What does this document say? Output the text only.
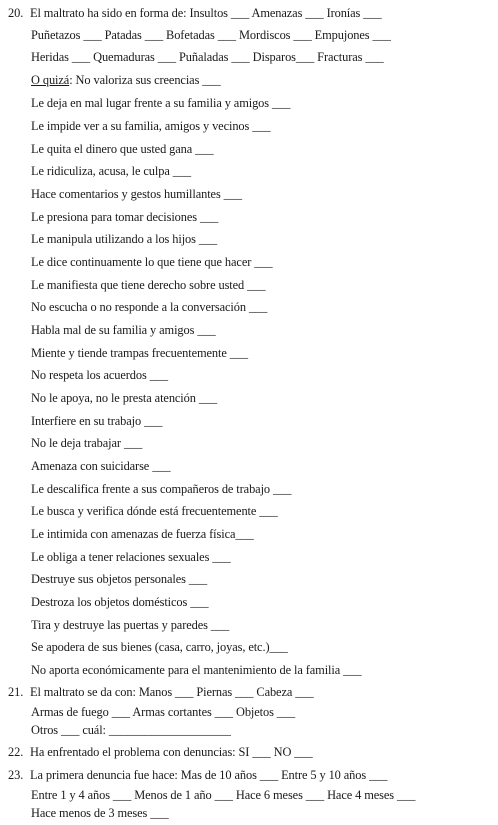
20. El maltrato ha sido en forma de: Insultos ___ Amenazas ___ Ironías ___
Puñetazos ___ Patadas ___ Bofetadas ___ Mordiscos ___ Empujones ___
Heridas ___ Quemaduras ___ Puñaladas ___ Disparos___ Fracturas ___
O quizá: No valoriza sus creencias ___
Le deja en mal lugar frente a su familia y amigos ___
Le impide ver a su familia, amigos y vecinos ___
Le quita el dinero que usted gana ___
Le ridiculiza, acusa, le culpa ___
Hace comentarios y gestos humillantes ___
Le presiona para tomar decisiones ___
Le manipula utilizando a los hijos ___
Le dice continuamente lo que tiene que hacer ___
Le manifiesta que tiene derecho sobre usted ___
No escucha o no responde a la conversación ___
Habla mal de su familia y amigos ___
Miente y tiende trampas frecuentemente ___
No respeta los acuerdos ___
No le apoya, no le presta atención ___
Interfiere en su trabajo ___
No le deja trabajar ___
Amenaza con suicidarse ___
Le descalifica frente a sus compañeros de trabajo ___
Le busca y verifica dónde está frecuentemente ___
Le intimida con amenazas de fuerza física___
Le obliga a tener relaciones sexuales ___
Destruye sus objetos personales ___
Destroza los objetos domésticos ___
Tira y destruye las puertas y paredes ___
Se apodera de sus bienes (casa, carro, joyas, etc.)___
No aporta económicamente para el mantenimiento de la familia ___
21. El maltrato se da con: Manos ___ Piernas ___ Cabeza ___
Armas de fuego ___ Armas cortantes ___ Objetos ___
Otros ___ cuál: ____________________
22. Ha enfrentado el problema con denuncias: SI ___ NO ___
23. La primera denuncia fue hace: Mas de 10 años ___ Entre 5 y 10 años ___
Entre 1 y 4 años ___ Menos de 1 año ___ Hace 6 meses ___ Hace 4 meses ___
Hace menos de 3 meses ___
